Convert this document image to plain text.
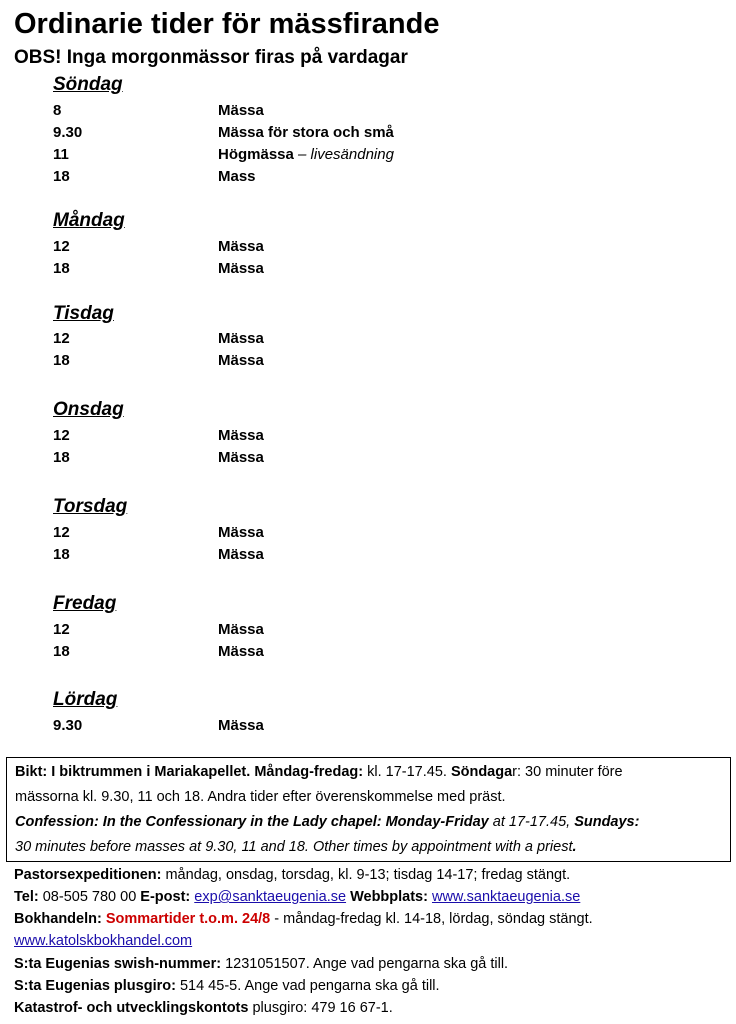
Ordinarie tider för mässfirande
OBS! Inga morgonmässor firas på vardagar
Söndag
8	Mässa
9.30	Mässa för stora och små
11	Högmässa – livesändning
18	Mass
Måndag
12	Mässa
18	Mässa
Tisdag
12	Mässa
18	Mässa
Onsdag
12	Mässa
18	Mässa
Torsdag
12	Mässa
18	Mässa
Fredag
12	Mässa
18	Mässa
Lördag
9.30	Mässa
Bikt: I biktrummen i Mariakapellet. Måndag-fredag: kl. 17-17.45. Söndagar: 30 minuter före
mässorna kl. 9.30, 11 och 18. Andra tider efter överenskommelse med präst.
Confession: In the Confessionary in the Lady chapel: Monday-Friday at 17-17.45, Sundays:
30 minutes before masses at 9.30, 11 and 18. Other times by appointment with a priest.
Pastorsexpeditionen: måndag, onsdag, torsdag, kl. 9-13; tisdag 14-17; fredag stängt.
Tel: 08-505 780 00 E-post: exp@sanktaeugenia.se Webbplats: www.sanktaeugenia.se
Bokhandeln: Sommartider t.o.m. 24/8 - måndag-fredag kl. 14-18, lördag, söndag stängt.
www.katolskbokhandel.com
S:ta Eugenias swish-nummer: 1231051507. Ange vad pengarna ska gå till.
S:ta Eugenias plusgiro: 514 45-5. Ange vad pengarna ska gå till.
Katastrof- och utvecklingskontots plusgiro: 479 16 67-1.
